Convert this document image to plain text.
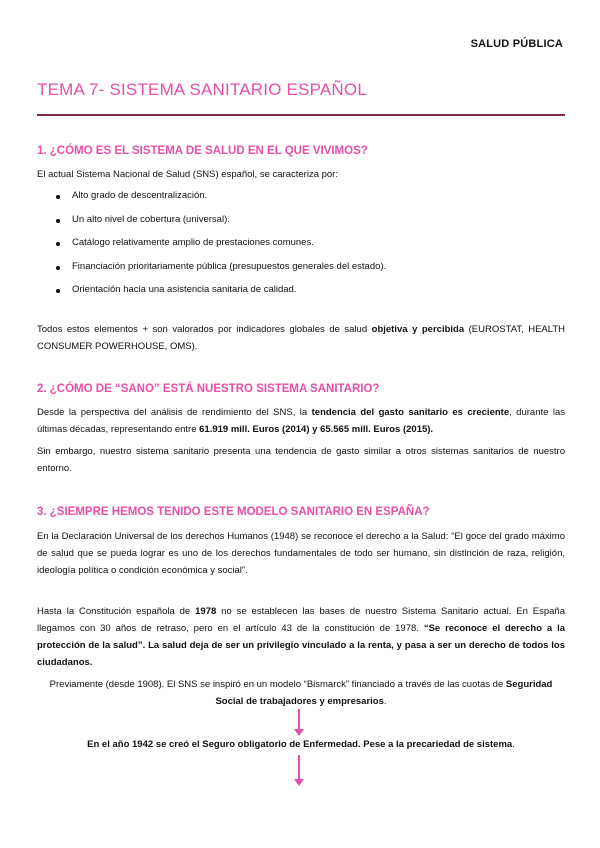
SALUD PÚBLICA
TEMA 7- SISTEMA SANITARIO ESPAÑOL
1. ¿CÓMO ES EL SISTEMA DE SALUD EN EL QUE VIVIMOS?
El actual Sistema Nacional de Salud (SNS) español, se caracteriza por:
Alto grado de descentralización.
Un alto nivel de cobertura (universal).
Catálogo relativamente amplio de prestaciones comunes.
Financiación prioritariamente pública (presupuestos generales del estado).
Orientación hacia una asistencia sanitaria de calidad.
Todos estos elementos + son valorados por indicadores globales de salud objetiva y percibida (EUROSTAT, HEALTH CONSUMER POWERHOUSE, OMS).
2. ¿CÓMO DE “SANO” ESTÁ NUESTRO SISTEMA SANITARIO?
Desde la perspectiva del análisis de rendimiento del SNS, la tendencia del gasto sanitario es creciente, durante las últimas décadas, representando entre 61.919 mill. Euros (2014) y 65.565 mill. Euros (2015).
Sin embargo, nuestro sistema sanitario presenta una tendencia de gasto similar a otros sistemas sanitarios de nuestro entorno.
3. ¿SIEMPRE HEMOS TENIDO ESTE MODELO SANITARIO EN ESPAÑA?
En la Declaración Universal de los derechos Humanos (1948) se reconoce el derecho a la Salud: “El goce del grado máximo de salud que se pueda lograr es uno de los derechos fundamentales de todo ser humano, sin distinción de raza, religión, ideología política o condición económica y social”.
Hasta la Constitución española de 1978 no se establecen las bases de nuestro Sistema Sanitario actual. En España llegamos con 30 años de retraso, pero en el artículo 43 de la constitución de 1978. “Se reconoce el derecho a la protección de la salud”. La salud deja de ser un privilegio vinculado a la renta, y pasa a ser un derecho de todos los ciudadanos.
Previamente (desde 1908). El SNS se inspiró en un modelo “Bismarck” financiado a través de las cuotas de Seguridad Social de trabajadores y empresarios.
En el año 1942 se creó el Seguro obligatorio de Enfermedad. Pese a la precariedad de sistema.
